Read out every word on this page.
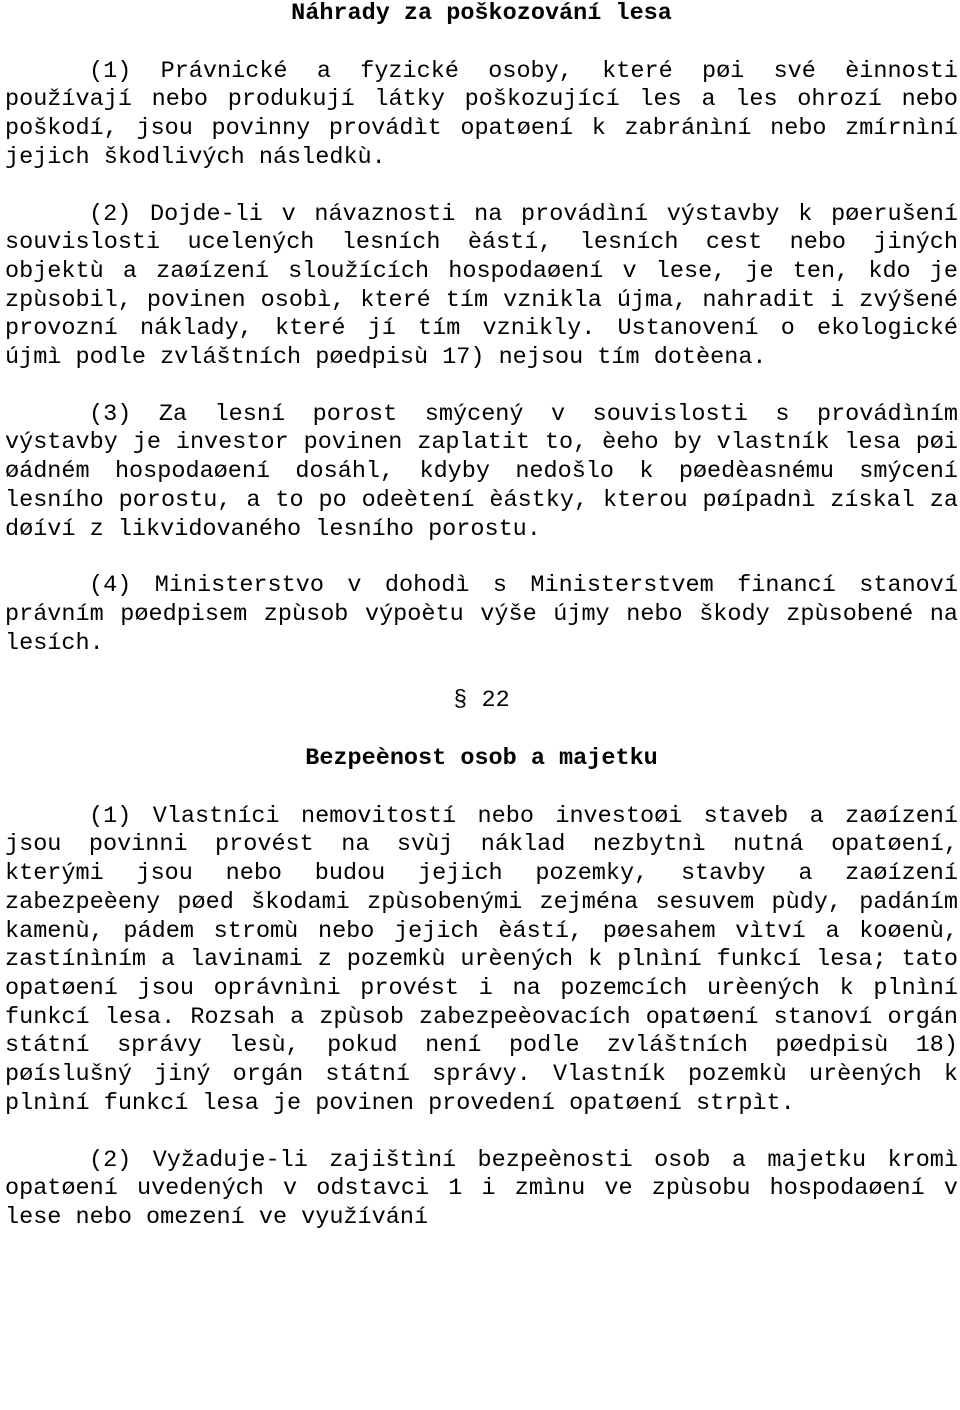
Náhrady za poškozování lesa

(1) Právnické a fyzické osoby, které pøi své èinnosti používají nebo produkují látky poškozující les a les ohrozí nebo poškodí, jsou povinny provádìt opatøení k zabránìní nebo zmírnìní jejich škodlivých následkù.

(2) Dojde-li v návaznosti na provádìní výstavby k pøerušení souvislosti ucelených lesních èástí, lesních cest nebo jiných objektù a zaøízení sloužících hospodaøení v lese, je ten, kdo je zpùsobil, povinen osobì, které tím vznikla újma, nahradit i zvýšené provozní náklady, které jí tím vznikly. Ustanovení o ekologické újmì podle zvláštních pøedpisù 17) nejsou tím dotèena.

(3) Za lesní porost smýcený v souvislosti s provádìním výstavby je investor povinen zaplatit to, èeho by vlastník lesa pøi øádném hospodaøení dosáhl, kdyby nedošlo k pøedèasnému smýcení lesního porostu, a to po odeètení èástky, kterou pøípadnì získal za døíví z likvidovaného lesního porostu.

(4) Ministerstvo v dohodì s Ministerstvem financí stanoví právním pøedpisem zpùsob výpoètu výše újmy nebo škody zpùsobené na lesích.

§ 22

Bezpeènost osob a majetku

(1) Vlastníci nemovitostí nebo investoøi staveb a zaøízení jsou povinni provést na svùj náklad nezbytnì nutná opatøení, kterými jsou nebo budou jejich pozemky, stavby a zaøízení zabezpeèeny pøed škodami zpùsobenými zejména sesuvem pùdy, padáním kamenù, pádem stromù nebo jejich èástí, pøesahem vìtví a koøenù, zastínìním a lavinami z pozemkù urèených k plnìní funkcí lesa; tato opatøení jsou oprávnìni provést i na pozemcích urèených k plnìní funkcí lesa. Rozsah a zpùsob zabezpeèovacích opatøení stanoví orgán státní správy lesù, pokud není podle zvláštních pøedpisù 18) pøíslušný jiný orgán státní správy. Vlastník pozemkù urèených k plnìní funkcí lesa je povinen provedení opatøení strpìt.

(2) Vyžaduje-li zajištìní bezpeènosti osob a majetku kromì opatøení uvedených v odstavci 1 i zmìnu ve zpùsobu hospodaøení v lese nebo omezení ve využívání
